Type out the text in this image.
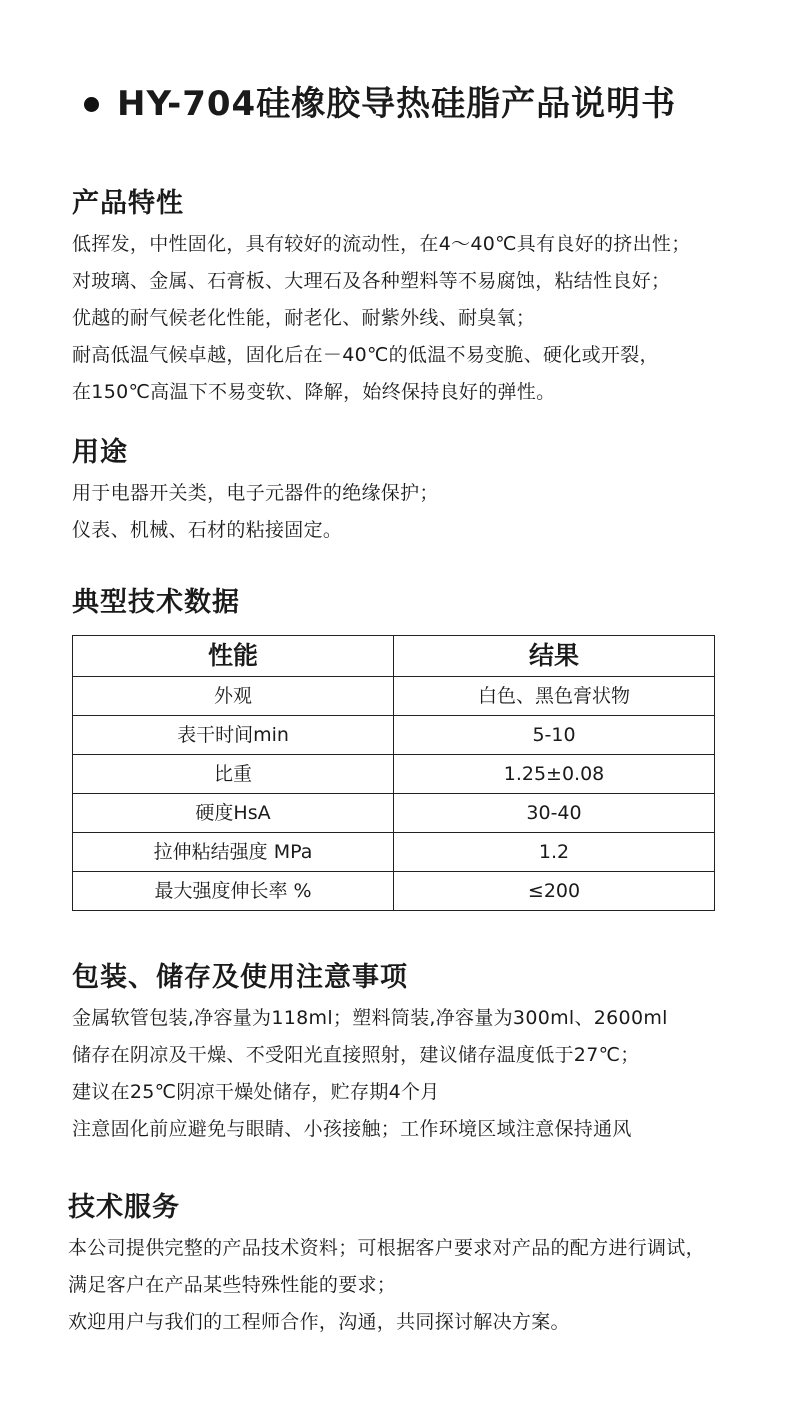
HY-704硅橡胶导热硅脂产品说明书
产品特性
低挥发，中性固化，具有较好的流动性，在4～40℃具有良好的挤出性；
对玻璃、金属、石膏板、大理石及各种塑料等不易腐蚀，粘结性良好；
优越的耐气候老化性能，耐老化、耐紫外线、耐臭氧；
耐高低温气候卓越，固化后在－40℃的低温不易变脆、硬化或开裂，
在150℃高温下不易变软、降解，始终保持良好的弹性。
用途
用于电器开关类，电子元器件的绝缘保护；
仪表、机械、石材的粘接固定。
典型技术数据
性能	结果
外观	白色、黑色膏状物
表干时间min	5-10
比重	1.25±0.08
硬度HsA	30-40
拉伸粘结强度 MPa	1.2
最大强度伸长率 %	≤200
包装、储存及使用注意事项
金属软管包装,净容量为118ml；塑料筒装,净容量为300ml、2600ml
储存在阴凉及干燥、不受阳光直接照射，建议储存温度低于27℃；
建议在25℃阴凉干燥处储存，贮存期4个月
注意固化前应避免与眼睛、小孩接触；工作环境区域注意保持通风
技术服务
本公司提供完整的产品技术资料；可根据客户要求对产品的配方进行调试，
满足客户在产品某些特殊性能的要求；
欢迎用户与我们的工程师合作，沟通，共同探讨解决方案。
